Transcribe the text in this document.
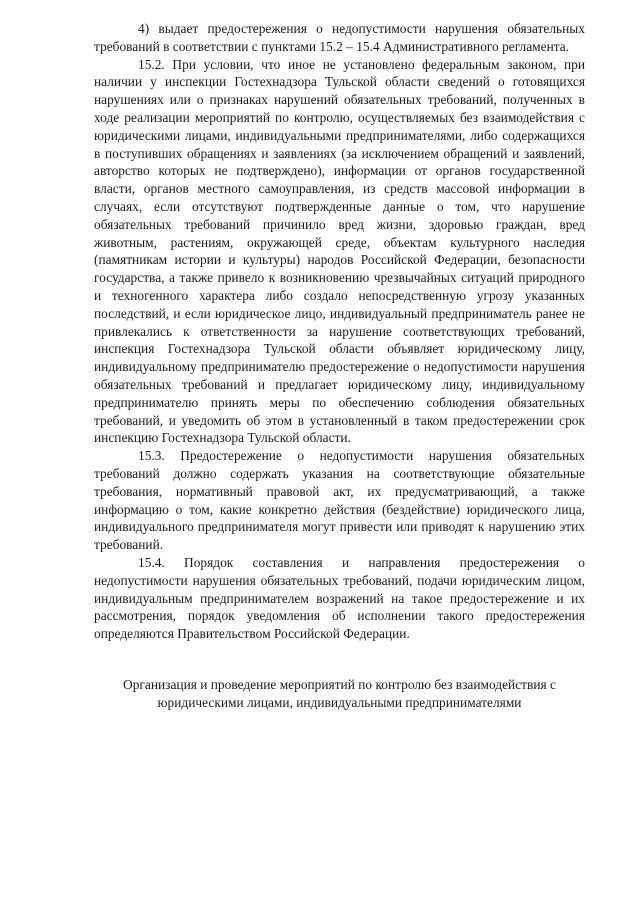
4) выдает предостережения о недопустимости нарушения обязательных требований в соответствии с пунктами 15.2 – 15.4 Административного регламента.

15.2. При условии, что иное не установлено федеральным законом, при наличии у инспекции Гостехнадзора Тульской области сведений о готовящихся нарушениях или о признаках нарушений обязательных требований, полученных в ходе реализации мероприятий по контролю, осуществляемых без взаимодействия с юридическими лицами, индивидуальными предпринимателями, либо содержащихся в поступивших обращениях и заявлениях (за исключением обращений и заявлений, авторство которых не подтверждено), информации от органов государственной власти, органов местного самоуправления, из средств массовой информации в случаях, если отсутствуют подтвержденные данные о том, что нарушение обязательных требований причинило вред жизни, здоровью граждан, вред животным, растениям, окружающей среде, объектам культурного наследия (памятникам истории и культуры) народов Российской Федерации, безопасности государства, а также привело к возникновению чрезвычайных ситуаций природного и техногенного характера либо создало непосредственную угрозу указанных последствий, и если юридическое лицо, индивидуальный предприниматель ранее не привлекались к ответственности за нарушение соответствующих требований, инспекция Гостехнадзора Тульской области объявляет юридическому лицу, индивидуальному предпринимателю предостережение о недопустимости нарушения обязательных требований и предлагает юридическому лицу, индивидуальному предпринимателю принять меры по обеспечению соблюдения обязательных требований, и уведомить об этом в установленный в таком предостережении срок инспекцию Гостехнадзора Тульской области.

15.3. Предостережение о недопустимости нарушения обязательных требований должно содержать указания на соответствующие обязательные требования, нормативный правовой акт, их предусматривающий, а также информацию о том, какие конкретно действия (бездействие) юридического лица, индивидуального предпринимателя могут привести или приводят к нарушению этих требований.

15.4. Порядок составления и направления предостережения о недопустимости нарушения обязательных требований, подачи юридическим лицом, индивидуальным предпринимателем возражений на такое предостережение и их рассмотрения, порядок уведомления об исполнении такого предостережения определяются Правительством Российской Федерации.

Организация и проведение мероприятий по контролю без взаимодействия с юридическими лицами, индивидуальными предпринимателями
